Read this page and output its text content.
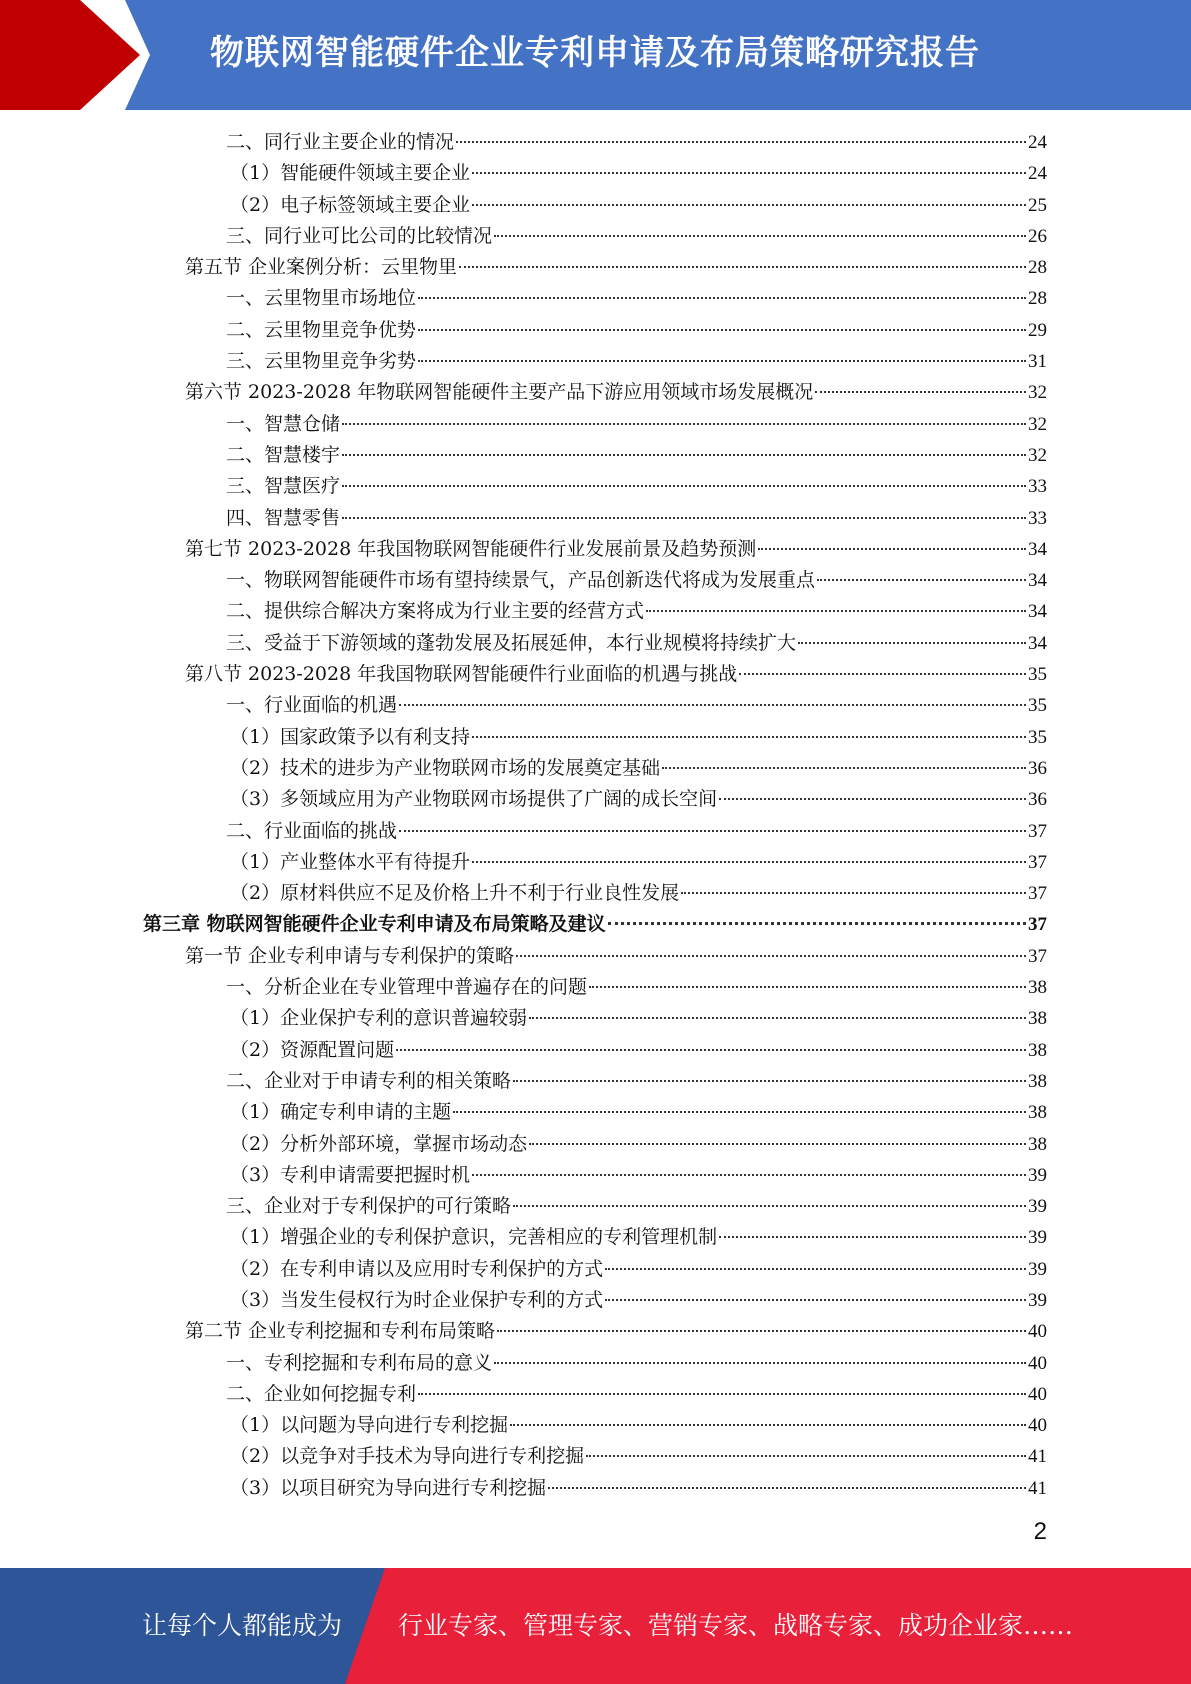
物联网智能硬件企业专利申请及布局策略研究报告
二、同行业主要企业的情况	24
（1）智能硬件领域主要企业	24
（2）电子标签领域主要企业	25
三、同行业可比公司的比较情况	26
第五节 企业案例分析：云里物里	28
一、云里物里市场地位	28
二、云里物里竞争优势	29
三、云里物里竞争劣势	31
第六节 2023-2028 年物联网智能硬件主要产品下游应用领域市场发展概况	32
一、智慧仓储	32
二、智慧楼宇	32
三、智慧医疗	33
四、智慧零售	33
第七节 2023-2028 年我国物联网智能硬件行业发展前景及趋势预测	34
一、物联网智能硬件市场有望持续景气，产品创新迭代将成为发展重点	34
二、提供综合解决方案将成为行业主要的经营方式	34
三、受益于下游领域的蓬勃发展及拓展延伸，本行业规模将持续扩大	34
第八节 2023-2028 年我国物联网智能硬件行业面临的机遇与挑战	35
一、行业面临的机遇	35
（1）国家政策予以有利支持	35
（2）技术的进步为产业物联网市场的发展奠定基础	36
（3）多领域应用为产业物联网市场提供了广阔的成长空间	36
二、行业面临的挑战	37
（1）产业整体水平有待提升	37
（2）原材料供应不足及价格上升不利于行业良性发展	37
第三章 物联网智能硬件企业专利申请及布局策略及建议	37
第一节 企业专利申请与专利保护的策略	37
一、分析企业在专业管理中普遍存在的问题	38
（1）企业保护专利的意识普遍较弱	38
（2）资源配置问题	38
二、企业对于申请专利的相关策略	38
（1）确定专利申请的主题	38
（2）分析外部环境，掌握市场动态	38
（3）专利申请需要把握时机	39
三、企业对于专利保护的可行策略	39
（1）增强企业的专利保护意识，完善相应的专利管理机制	39
（2）在专利申请以及应用时专利保护的方式	39
（3）当发生侵权行为时企业保护专利的方式	39
第二节 企业专利挖掘和专利布局策略	40
一、专利挖掘和专利布局的意义	40
二、企业如何挖掘专利	40
（1）以问题为导向进行专利挖掘	40
（2）以竞争对手技术为导向进行专利挖掘	41
（3）以项目研究为导向进行专利挖掘	41
2
让每个人都能成为 行业专家、管理专家、营销专家、战略专家、成功企业家……
